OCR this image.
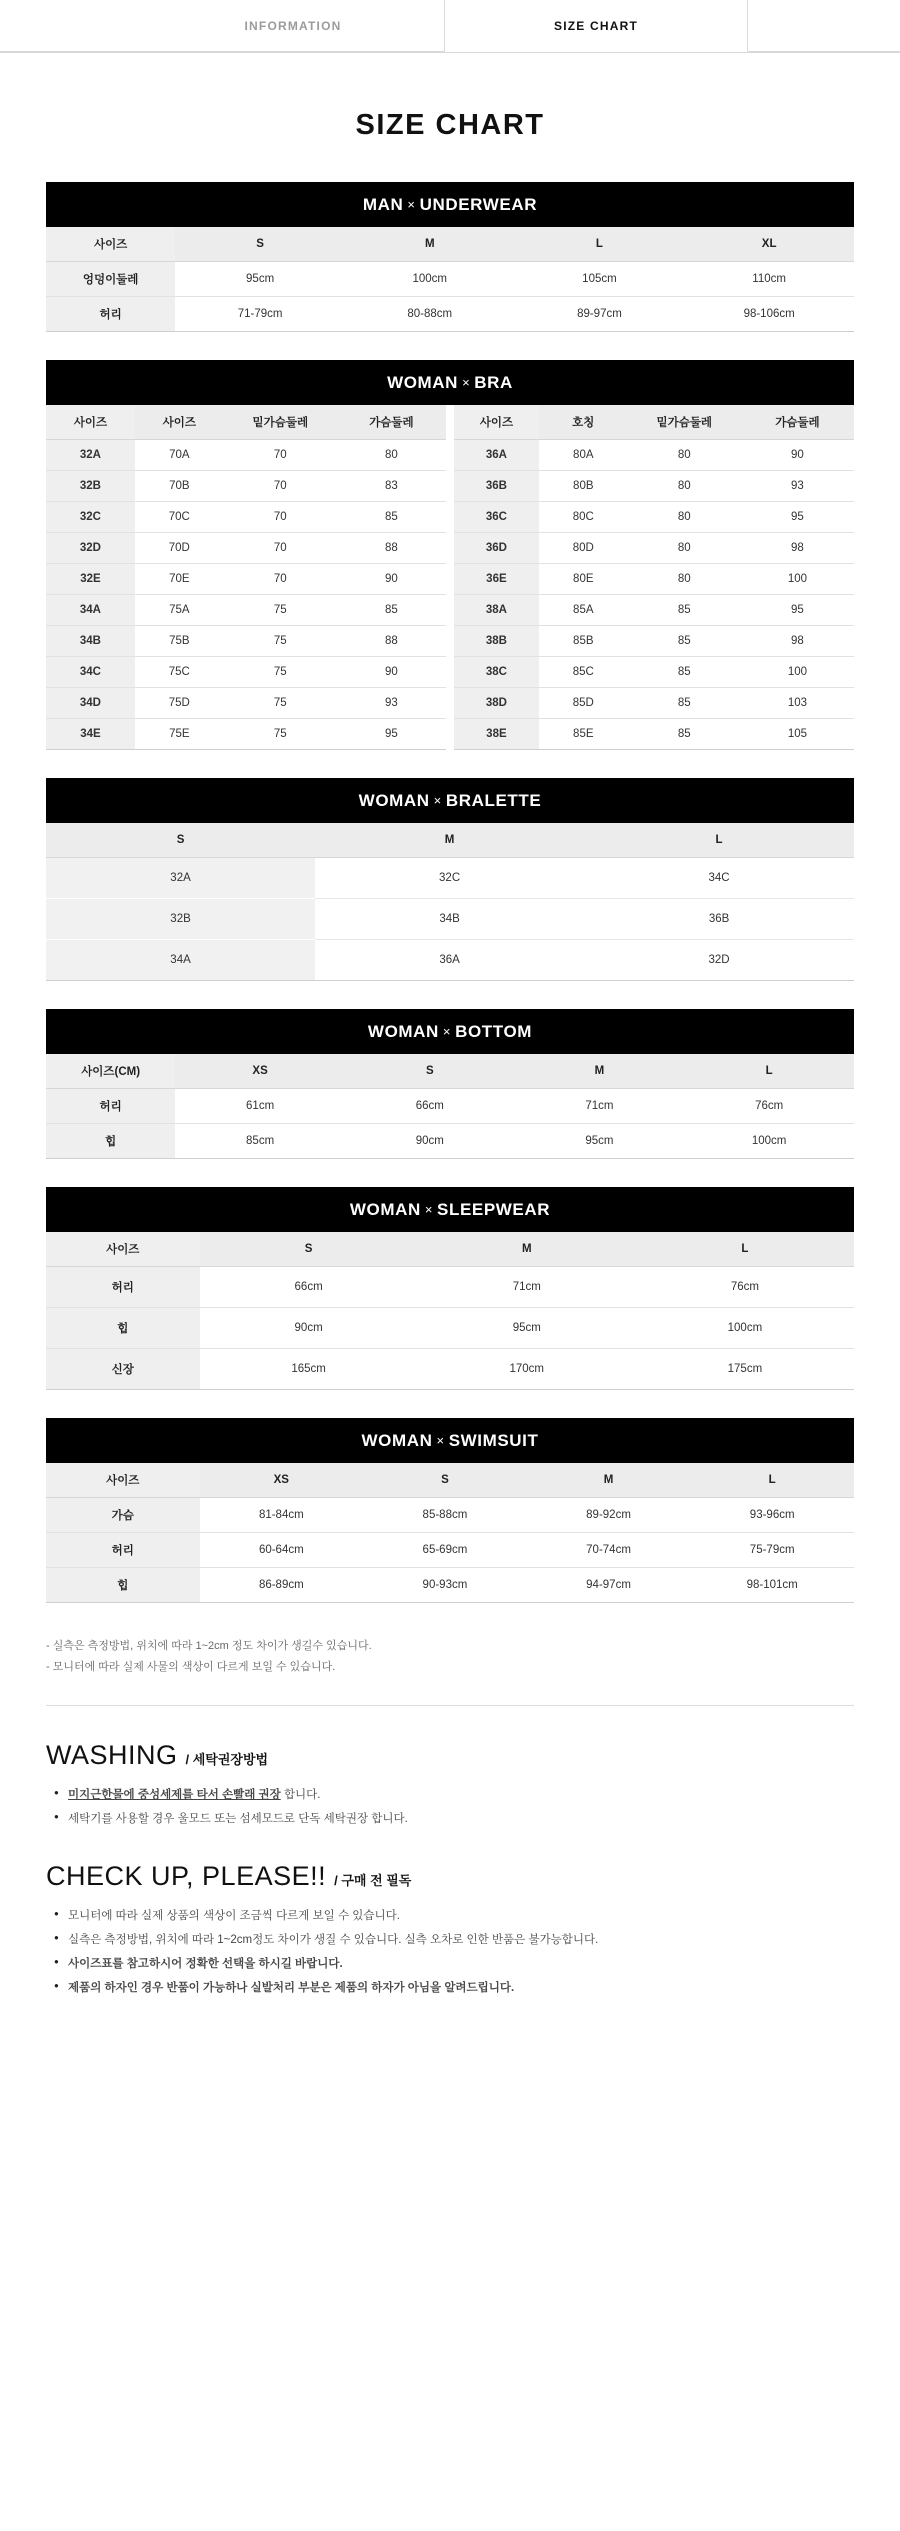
INFORMATION	SIZE CHART
SIZE CHART
MAN × UNDERWEAR
사이즈	S	M	L	XL
엉덩이둘레	95cm	100cm	105cm	110cm
허리	71-79cm	80-88cm	89-97cm	98-106cm
WOMAN × BRA
사이즈	사이즈	밑가슴둘레	가슴둘레	사이즈	호칭	밑가슴둘레	가슴둘레
32A	70A	70	80	36A	80A	80	90
32B	70B	70	83	36B	80B	80	93
32C	70C	70	85	36C	80C	80	95
32D	70D	70	88	36D	80D	80	98
32E	70E	70	90	36E	80E	80	100
34A	75A	75	85	38A	85A	85	95
34B	75B	75	88	38B	85B	85	98
34C	75C	75	90	38C	85C	85	100
34D	75D	75	93	38D	85D	85	103
34E	75E	75	95	38E	85E	85	105
WOMAN × BRALETTE
S	M	L
32A	32C	34C
32B	34B	36B
34A	36A	32D
WOMAN × BOTTOM
사이즈(CM)	XS	S	M	L
허리	61cm	66cm	71cm	76cm
힙	85cm	90cm	95cm	100cm
WOMAN × SLEEPWEAR
사이즈	S	M	L
허리	66cm	71cm	76cm
힙	90cm	95cm	100cm
신장	165cm	170cm	175cm
WOMAN × SWIMSUIT
사이즈	XS	S	M	L
가슴	81-84cm	85-88cm	89-92cm	93-96cm
허리	60-64cm	65-69cm	70-74cm	75-79cm
힙	86-89cm	90-93cm	94-97cm	98-101cm

- 실측은 측정방법, 위치에 따라 1~2cm 정도 차이가 생길수 있습니다.

- 모니터에 따라 실제 사물의 색상이 다르게 보일 수 있습니다.

WASHING / 세탁권장방법
● 미지근한물에 중성세제를 타서 손빨래 권장 합니다.
● 세탁기를 사용할 경우 울모드 또는 섬세모드로 단독 세탁권장 합니다.
CHECK UP, PLEASE!! / 구매 전 필독
● 모니터에 따라 실제 상품의 색상이 조금씩 다르게 보일 수 있습니다.
● 실측은 측정방법, 위치에 따라 1~2cm정도 차이가 생질 수 있습니다. 실측 오차로 인한 반품은 불가능합니다.
● 사이즈표를 참고하시어 정확한 선택을 하시길 바랍니다.
● 제품의 하자인 경우 반품이 가능하나 실발처리 부분은 제품의 하자가 아님을 알려드립니다.
